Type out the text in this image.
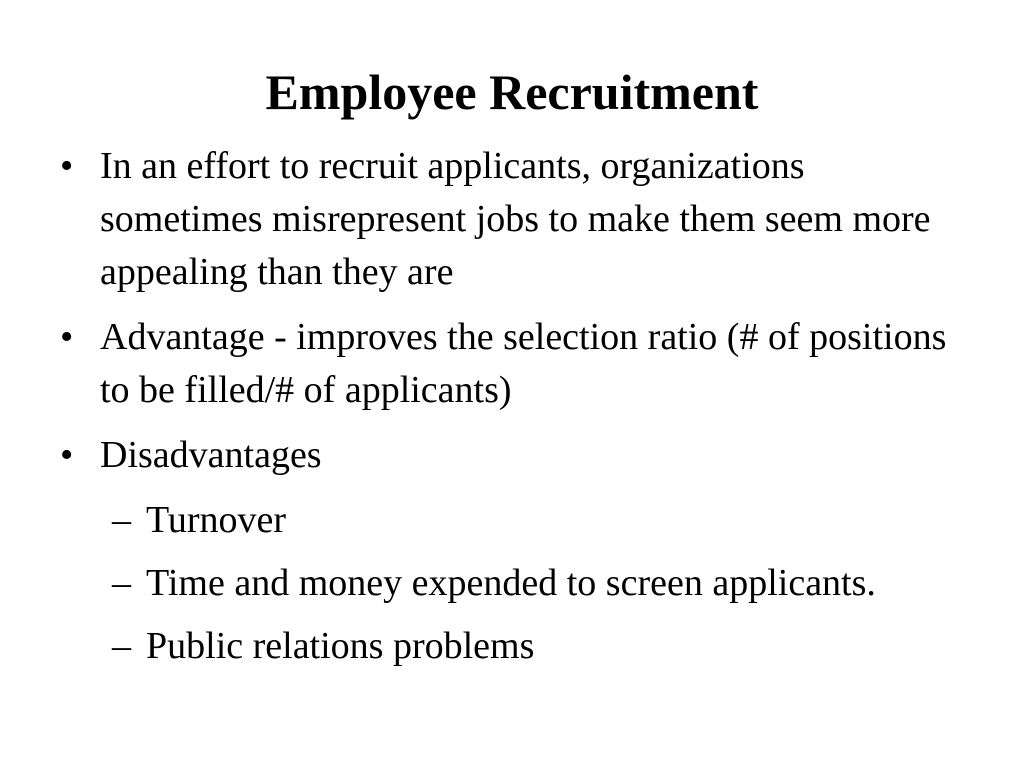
Employee Recruitment
• In an effort to recruit applicants, organizations sometimes misrepresent jobs to make them seem more appealing than they are
• Advantage - improves the selection ratio (# of positions to be filled/# of applicants)
• Disadvantages
– Turnover
– Time and money expended to screen applicants.
– Public relations problems
